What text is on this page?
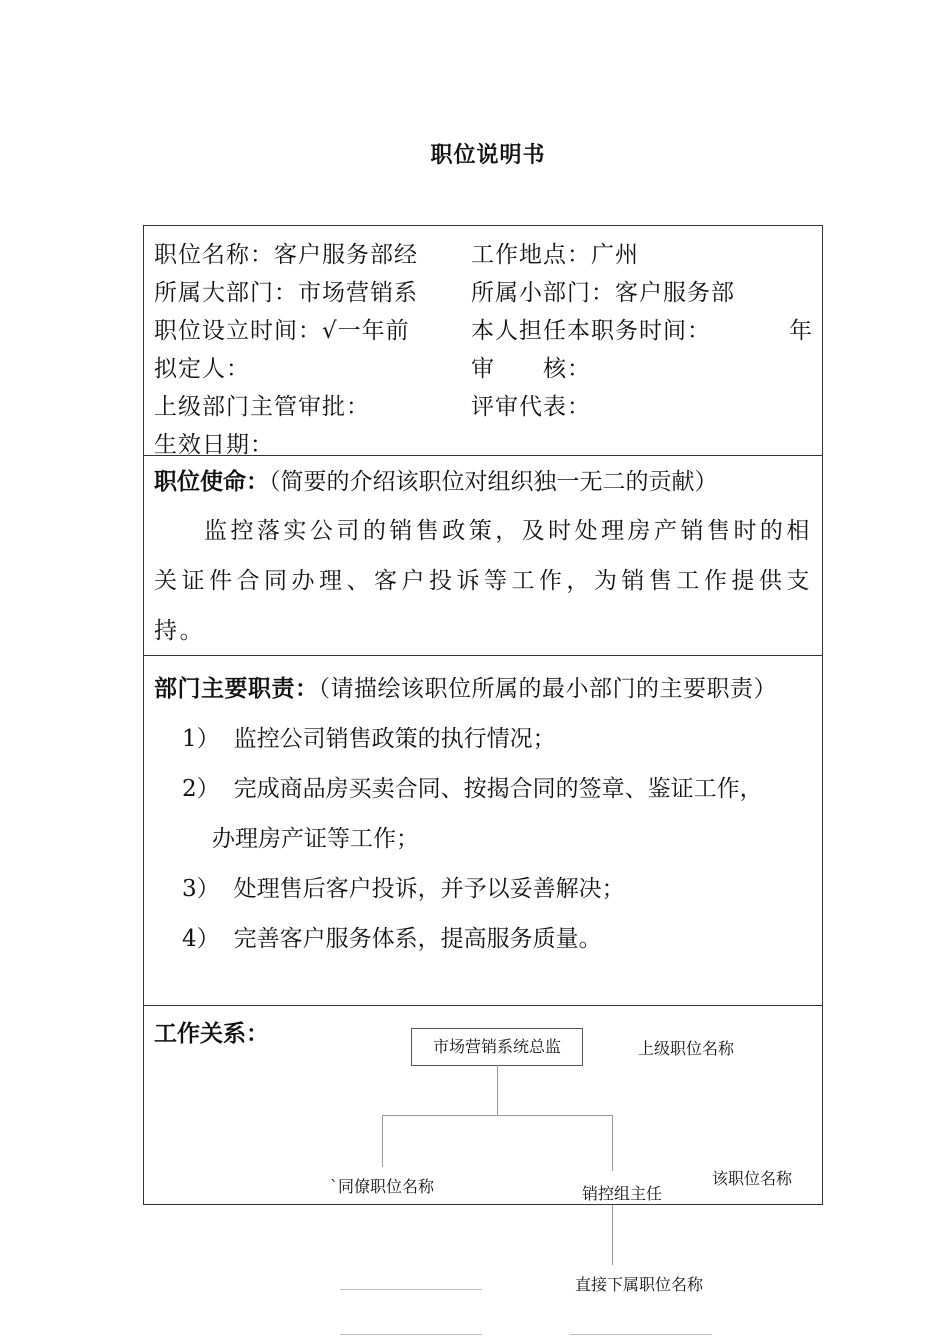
职位说明书
职位名称：客户服务部经	工作地点：广州
所属大部门：市场营销系	所属小部门：客户服务部
职位设立时间：√一年前	本人担任本职务时间：	年
拟定人：	审　　核：
上级部门主管审批：	评审代表：
生效日期：
职位使命：（简要的介绍该职位对组织独一无二的贡献）
监控落实公司的销售政策，及时处理房产销售时的相关证件合同办理、客户投诉等工作，为销售工作提供支持。
部门主要职责：（请描绘该职位所属的最小部门的主要职责）
1） 监控公司销售政策的执行情况；
2） 完成商品房买卖合同、按揭合同的签章、鉴证工作，
办理房产证等工作；
3） 处理售后客户投诉，并予以妥善解决；
4） 完善客户服务体系，提高服务质量。
工作关系：	市场营销系统总监	上级职位名称
`同僚职位名称	销控组主任
该职位名称
直接下属职位名称
